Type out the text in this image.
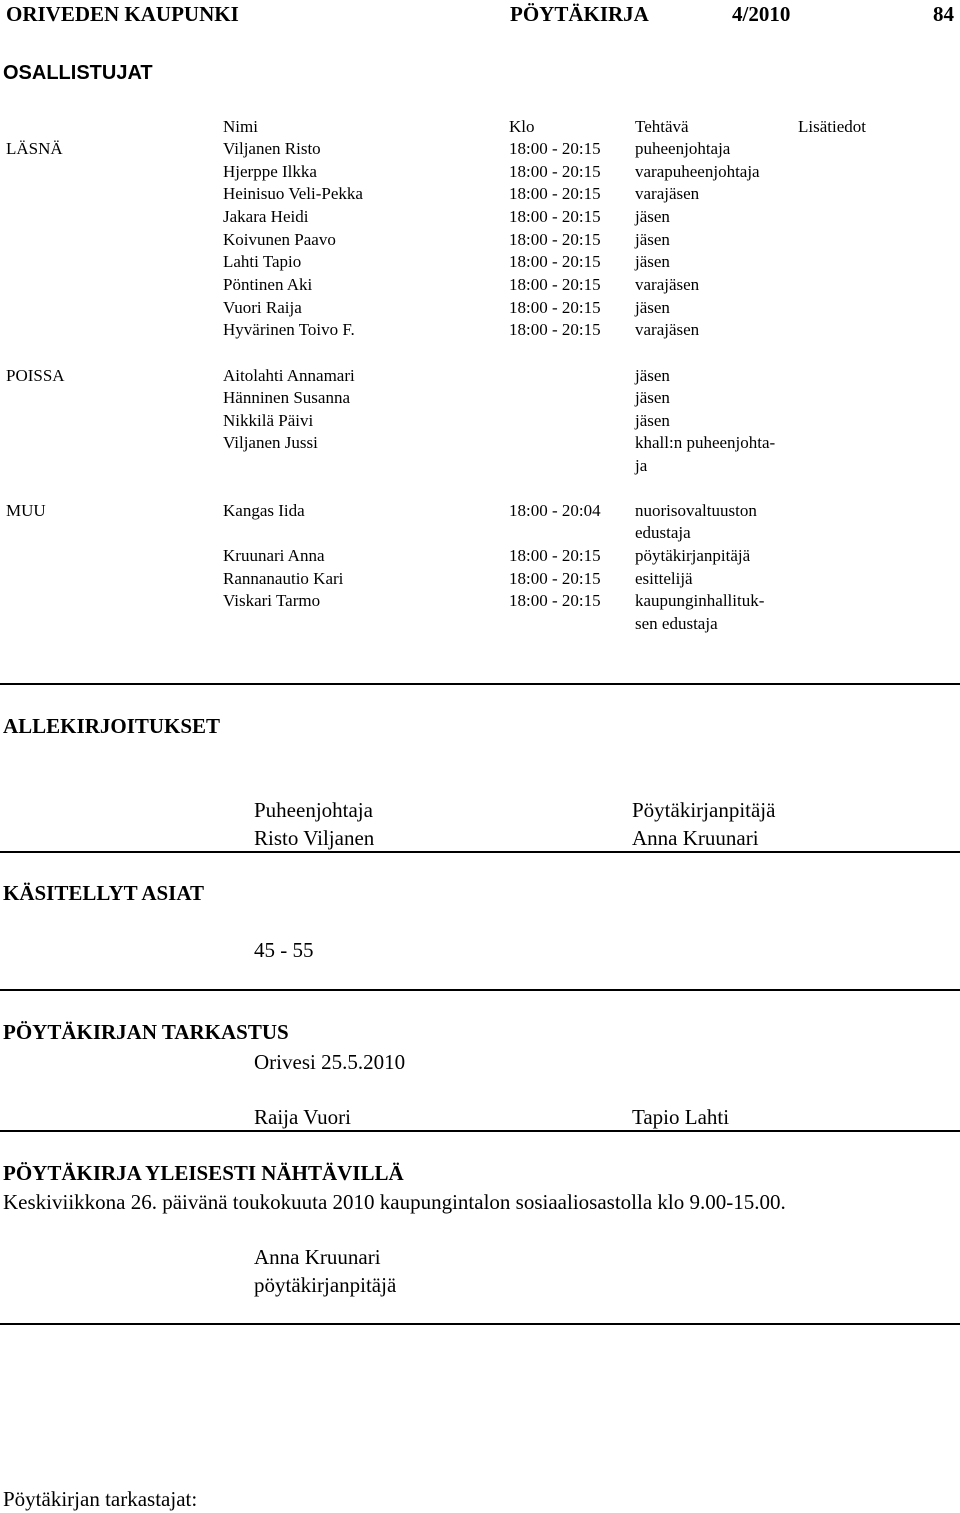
ORIVEDEN KAUPUNKI	PÖYTÄKIRJA	4/2010	84
OSALLISTUJAT
Nimi	Klo	Tehtävä	Lisätiedot
LÄSNÄ	Viljanen Risto	18:00 - 20:15 puheenjohtaja
Hjerppe Ilkka	18:00 - 20:15 varapuheenjohtaja
Heinisuo Veli-Pekka	18:00 - 20:15 varajäsen
Jakara Heidi	18:00 - 20:15 jäsen
Koivunen Paavo	18:00 - 20:15 jäsen
Lahti Tapio	18:00 - 20:15 jäsen
Pöntinen Aki	18:00 - 20:15 varajäsen
Vuori Raija	18:00 - 20:15 jäsen
Hyvärinen Toivo F.	18:00 - 20:15 varajäsen
POISSA	Aitolahti Annamari	jäsen
Hänninen Susanna	jäsen
Nikkilä Päivi	jäsen
Viljanen Jussi	khall:n puheenjohta-
ja
MUU	Kangas Iida	18:00 - 20:04 nuorisovaltuuston
edustaja
Kruunari Anna	18:00 - 20:15 pöytäkirjanpitäjä
Rannanautio Kari	18:00 - 20:15 esittelijä
Viskari Tarmo	18:00 - 20:15 kaupunginhallituk-
sen edustaja
ALLEKIRJOITUKSET
Puheenjohtaja
Risto Viljanen
Pöytäkirjanpitäjä
Anna Kruunari
KÄSITELLYT ASIAT
45 - 55
PÖYTÄKIRJAN TARKASTUS
Orivesi 25.5.2010
Raija Vuori	Tapio Lahti
PÖYTÄKIRJA YLEISESTI NÄHTÄVILLÄ
Keskiviikkona 26. päivänä toukokuuta 2010 kaupungintalon sosiaaliosastolla klo 9.00-15.00.
Anna Kruunari
pöytäkirjanpitäjä
Pöytäkirjan tarkastajat:
